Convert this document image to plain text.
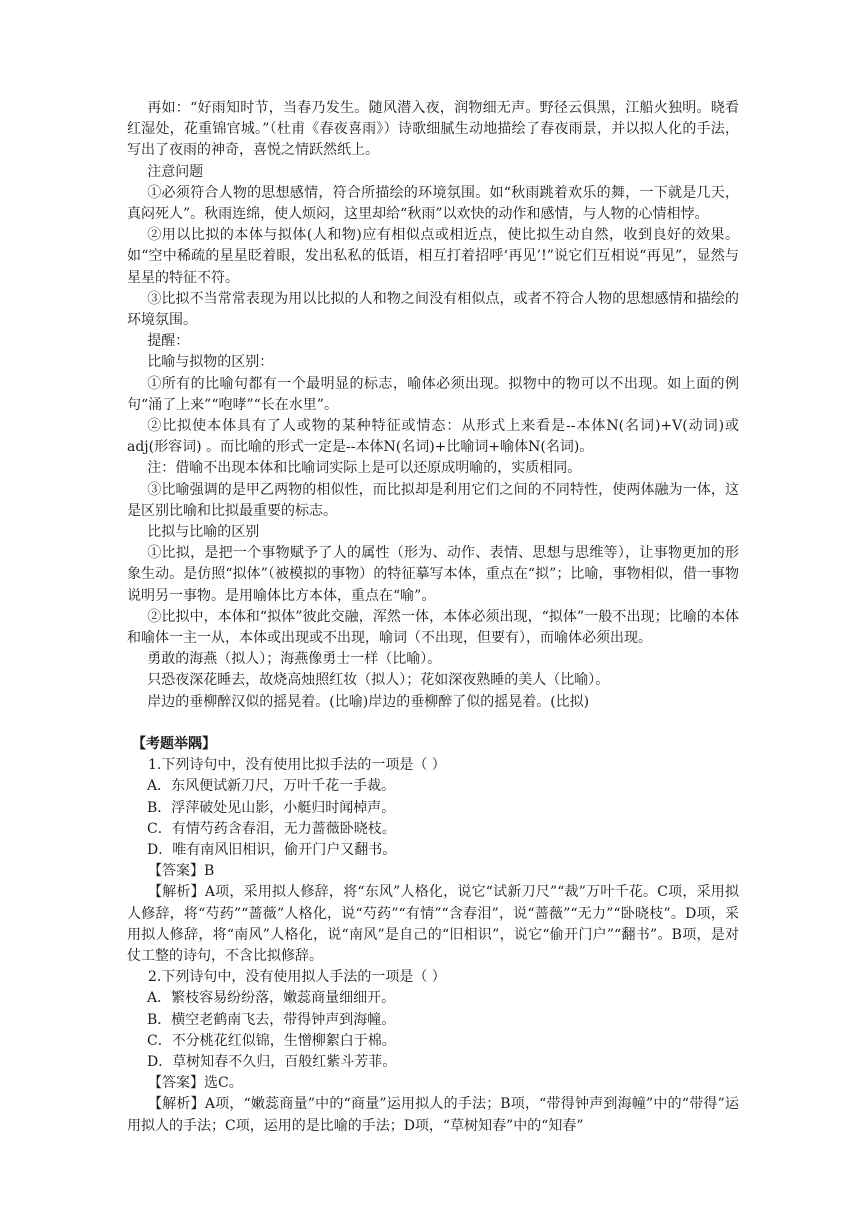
再如：“好雨知时节，当春乃发生。随风潜入夜，润物细无声。野径云俱黑，江船火独明。晓看红湿处，花重锦官城。”（杜甫《春夜喜雨》）诗歌细腻生动地描绘了春夜雨景，并以拟人化的手法，写出了夜雨的神奇，喜悦之情跃然纸上。

注意问题

①必须符合人物的思想感情，符合所描绘的环境氛围。如“秋雨跳着欢乐的舞，一下就是几天，真闷死人”。秋雨连绵，使人烦闷，这里却给“秋雨”以欢快的动作和感情，与人物的心情相悖。

②用以比拟的本体与拟体(人和物)应有相似点或相近点，使比拟生动自然，收到良好的效果。如“空中稀疏的星星眨着眼，发出私私的低语，相互打着招呼‘再见’!”说它们互相说“再见”，显然与星星的特征不符。

③比拟不当常常表现为用以比拟的人和物之间没有相似点，或者不符合人物的思想感情和描绘的环境氛围。

提醒：

比喻与拟物的区别：

①所有的比喻句都有一个最明显的标志，喻体必须出现。拟物中的物可以不出现。如上面的例句“涌了上来”“咆哮”“长在水里”。

②比拟使本体具有了人或物的某种特征或情态：从形式上来看是--本体N(名词)+V(动词)或adj(形容词) 。而比喻的形式一定是--本体N(名词)+比喻词+喻体N(名词)。

注：借喻不出现本体和比喻词实际上是可以还原成明喻的，实质相同。

③比喻强调的是甲乙两物的相似性，而比拟却是利用它们之间的不同特性，使两体融为一体，这是区别比喻和比拟最重要的标志。

比拟与比喻的区别

①比拟，是把一个事物赋予了人的属性（形为、动作、表情、思想与思维等），让事物更加的形象生动。是仿照“拟体”（被模拟的事物）的特征摹写本体，重点在“拟”；比喻，事物相似，借一事物说明另一事物。是用喻体比方本体，重点在“喻”。

②比拟中，本体和“拟体”彼此交融，浑然一体，本体必须出现，“拟体”一般不出现；比喻的本体和喻体一主一从，本体或出现或不出现，喻词（不出现，但要有），而喻体必须出现。

勇敢的海燕（拟人）；海燕像勇士一样（比喻）。

只恐夜深花睡去，故烧高烛照红妆（拟人）；花如深夜熟睡的美人（比喻）。

岸边的垂柳醉汉似的摇晃着。(比喻)岸边的垂柳醉了似的摇晃着。(比拟)

【考题举隅】

1.下列诗句中，没有使用比拟手法的一项是（ ）

A．东风便试新刀尺，万叶千花一手裁。

B．浮萍破处见山影，小艇归时闻棹声。

C．有情芍药含春泪，无力蔷薇卧晓枝。

D．唯有南风旧相识，偷开门户又翻书。

【答案】B

【解析】A项，采用拟人修辞，将“东风”人格化，说它“试新刀尺”“裁”万叶千花。C项，采用拟人修辞，将“芍药”“蔷薇”人格化，说“芍药”“有情”“含春泪”，说“蔷薇”“无力”“卧晓枝”。D项，采用拟人修辞，将“南风”人格化，说“南风”是自己的“旧相识”，说它“偷开门户”“翻书”。B项，是对仗工整的诗句，不含比拟修辞。

2.下列诗句中，没有使用拟人手法的一项是（ ）

A．繁枝容易纷纷落，嫩蕊商量细细开。

B．横空老鹤南飞去，带得钟声到海幢。

C．不分桃花红似锦，生憎柳絮白于棉。

D．草树知春不久归，百般红紫斗芳菲。

【答案】选C。

【解析】A项，“嫩蕊商量”中的“商量”运用拟人的手法；B项，“带得钟声到海幢”中的“带得”运用拟人的手法；C项，运用的是比喻的手法；D项，“草树知春”中的“知春”
